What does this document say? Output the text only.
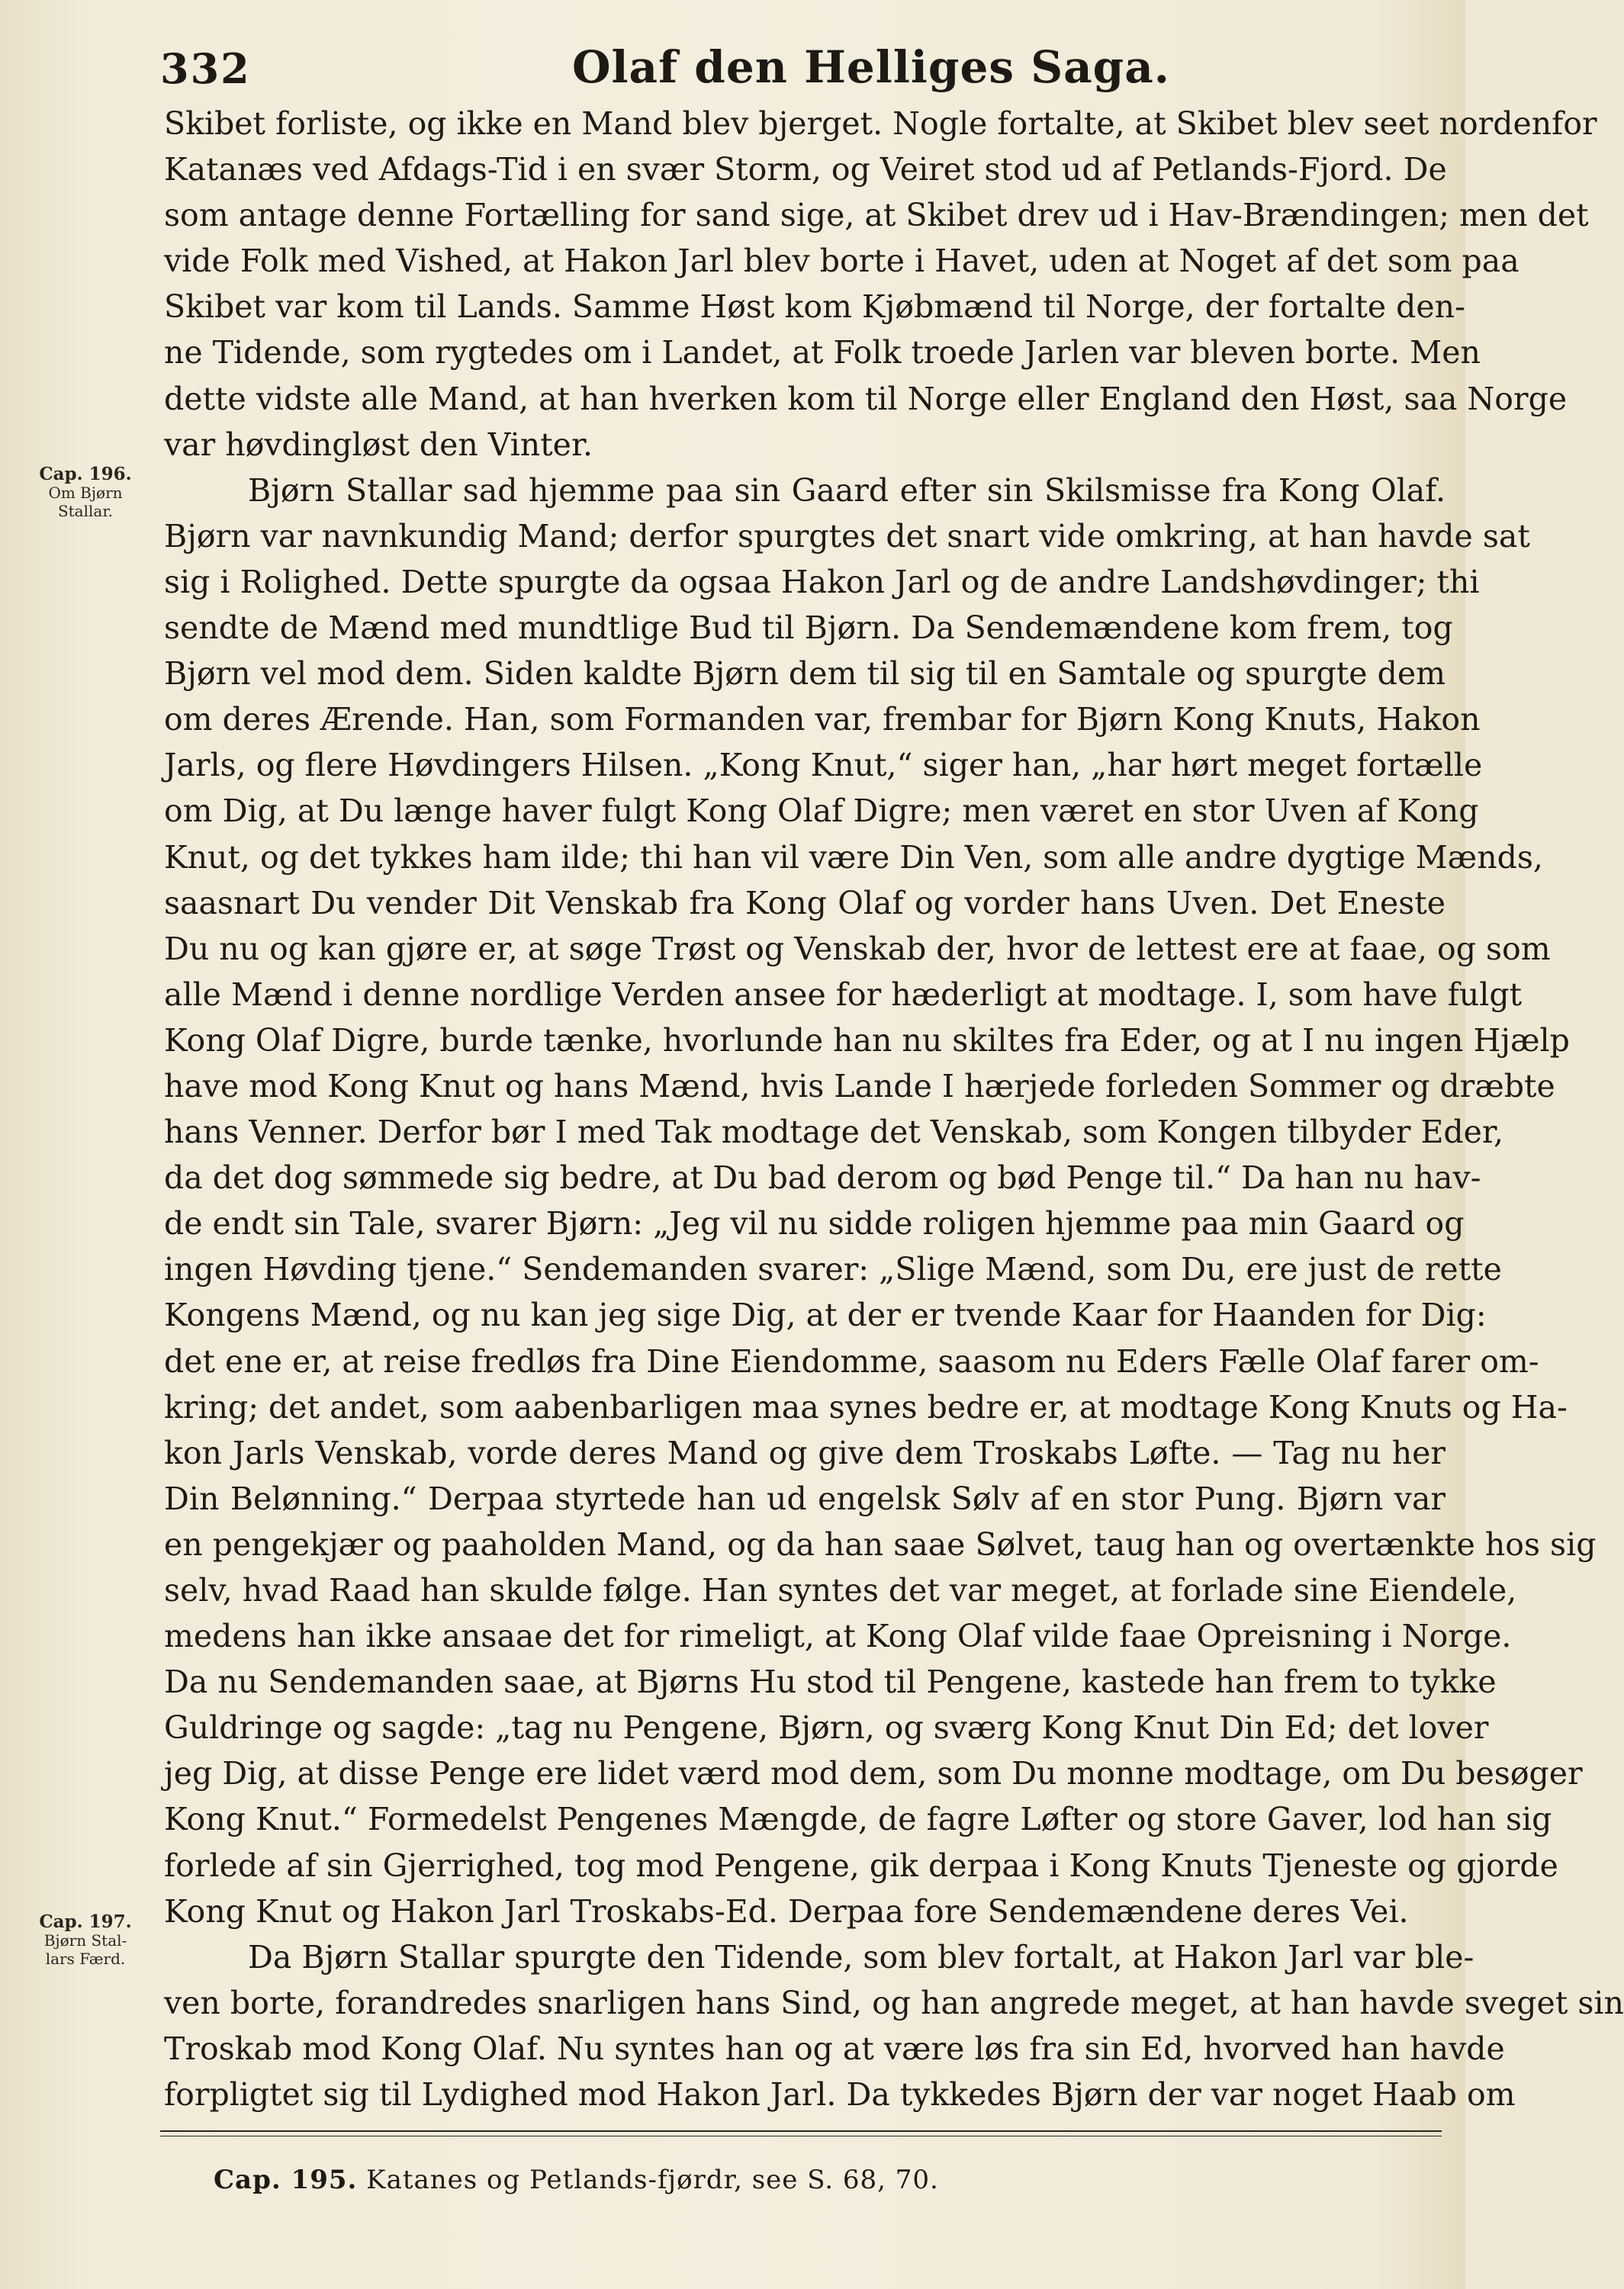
332	Olaf den Helliges Saga.
Cap. 196.
Om Bjørn
Stallar.
Cap. 197.
Bjørn Stal-
lars Færd.
Skibet forliste, og ikke en Mand blev bjerget. Nogle fortalte, at Skibet blev seet nordenfor
Katanæs ved Afdags-Tid i en svær Storm, og Veiret stod ud af Petlands-Fjord. De
som antage denne Fortælling for sand sige, at Skibet drev ud i Hav-Brændingen; men det
vide Folk med Vished, at Hakon Jarl blev borte i Havet, uden at Noget af det som paa
Skibet var kom til Lands. Samme Høst kom Kjøbmænd til Norge, der fortalte den-
ne Tidende, som rygtedes om i Landet, at Folk troede Jarlen var bleven borte. Men
dette vidste alle Mand, at han hverken kom til Norge eller England den Høst, saa Norge
var høvdingløst den Vinter.
Bjørn Stallar sad hjemme paa sin Gaard efter sin Skilsmisse fra Kong Olaf.
Bjørn var navnkundig Mand; derfor spurgtes det snart vide omkring, at han havde sat
sig i Rolighed. Dette spurgte da ogsaa Hakon Jarl og de andre Landshøvdinger; thi
sendte de Mænd med mundtlige Bud til Bjørn. Da Sendemændene kom frem, tog
Bjørn vel mod dem. Siden kaldte Bjørn dem til sig til en Samtale og spurgte dem
om deres Ærende. Han, som Formanden var, frembar for Bjørn Kong Knuts, Hakon
Jarls, og flere Høvdingers Hilsen. „Kong Knut,“ siger han, „har hørt meget fortælle
om Dig, at Du længe haver fulgt Kong Olaf Digre; men været en stor Uven af Kong
Knut, og det tykkes ham ilde; thi han vil være Din Ven, som alle andre dygtige Mænds,
saasnart Du vender Dit Venskab fra Kong Olaf og vorder hans Uven. Det Eneste
Du nu og kan gjøre er, at søge Trøst og Venskab der, hvor de lettest ere at faae, og som
alle Mænd i denne nordlige Verden ansee for hæderligt at modtage. I, som have fulgt
Kong Olaf Digre, burde tænke, hvorlunde han nu skiltes fra Eder, og at I nu ingen Hjælp
have mod Kong Knut og hans Mænd, hvis Lande I hærjede forleden Sommer og dræbte
hans Venner. Derfor bør I med Tak modtage det Venskab, som Kongen tilbyder Eder,
da det dog sømmede sig bedre, at Du bad derom og bød Penge til.“ Da han nu hav-
de endt sin Tale, svarer Bjørn: „Jeg vil nu sidde roligen hjemme paa min Gaard og
ingen Høvding tjene.“ Sendemanden svarer: „Slige Mænd, som Du, ere just de rette
Kongens Mænd, og nu kan jeg sige Dig, at der er tvende Kaar for Haanden for Dig:
det ene er, at reise fredløs fra Dine Eiendomme, saasom nu Eders Fælle Olaf farer om-
kring; det andet, som aabenbarligen maa synes bedre er, at modtage Kong Knuts og Ha-
kon Jarls Venskab, vorde deres Mand og give dem Troskabs Løfte. — Tag nu her
Din Belønning.“ Derpaa styrtede han ud engelsk Sølv af en stor Pung. Bjørn var
en pengekjær og paaholden Mand, og da han saae Sølvet, taug han og overtænkte hos sig
selv, hvad Raad han skulde følge. Han syntes det var meget, at forlade sine Eiendele,
medens han ikke ansaae det for rimeligt, at Kong Olaf vilde faae Opreisning i Norge.
Da nu Sendemanden saae, at Bjørns Hu stod til Pengene, kastede han frem to tykke
Guldringe og sagde: „tag nu Pengene, Bjørn, og sværg Kong Knut Din Ed; det lover
jeg Dig, at disse Penge ere lidet værd mod dem, som Du monne modtage, om Du besøger
Kong Knut.“ Formedelst Pengenes Mængde, de fagre Løfter og store Gaver, lod han sig
forlede af sin Gjerrighed, tog mod Pengene, gik derpaa i Kong Knuts Tjeneste og gjorde
Kong Knut og Hakon Jarl Troskabs-Ed. Derpaa fore Sendemændene deres Vei.
Da Bjørn Stallar spurgte den Tidende, som blev fortalt, at Hakon Jarl var ble-
ven borte, forandredes snarligen hans Sind, og han angrede meget, at han havde sveget sin
Troskab mod Kong Olaf. Nu syntes han og at være løs fra sin Ed, hvorved han havde
forpligtet sig til Lydighed mod Hakon Jarl. Da tykkedes Bjørn der var noget Haab om
Cap. 195. Katanes og Petlands-fjørdr, see S. 68, 70.
